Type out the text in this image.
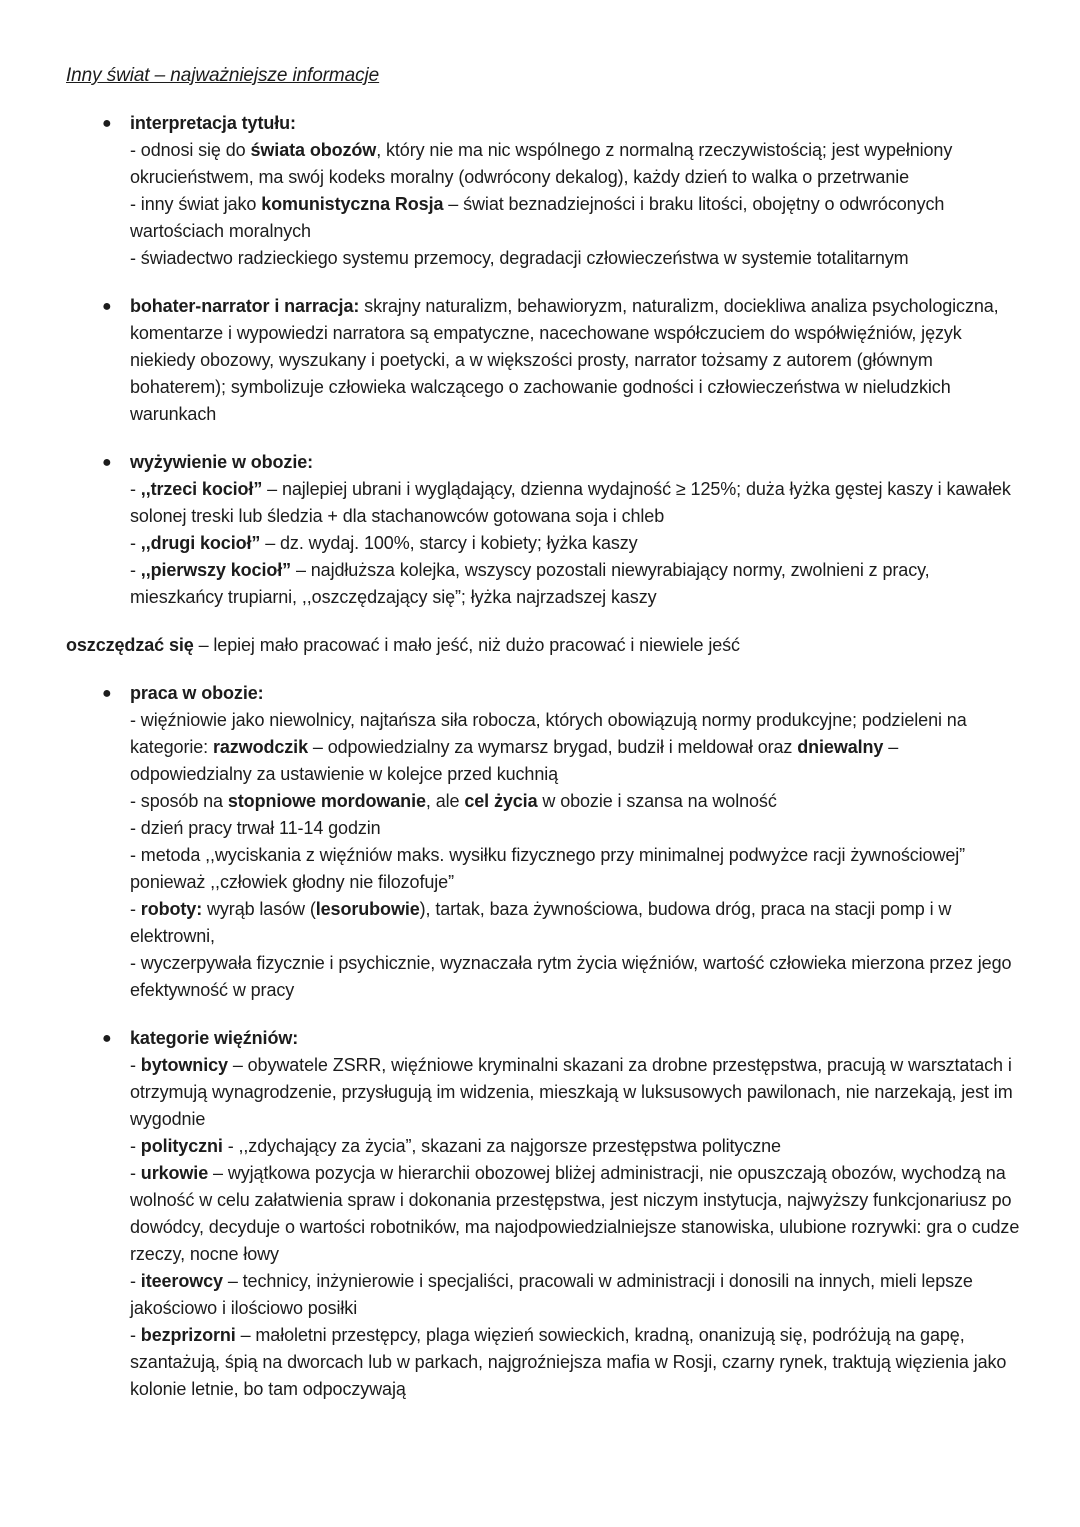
Inny świat – najważniejsze informacje
●	interpretacja tytułu:

- odnosi się do świata obozów, który nie ma nic wspólnego z normalną rzeczywistością; jest wypełniony okrucieństwem, ma swój kodeks moralny (odwrócony dekalog), każdy dzień to walka o przetrwanie

- inny świat jako komunistyczna Rosja – świat beznadziejności i braku litości, obojętny o odwróconych wartościach moralnych

- świadectwo radzieckiego systemu przemocy, degradacji człowieczeństwa w systemie totalitarnym

●	bohater-narrator i narracja: skrajny naturalizm, behawioryzm, naturalizm, dociekliwa analiza psychologiczna, komentarze i wypowiedzi narratora są empatyczne, nacechowane współczuciem do współwięźniów, język niekiedy obozowy, wyszukany i poetycki, a w większości prosty, narrator tożsamy z autorem (głównym bohaterem); symbolizuje człowieka walczącego o zachowanie godności i człowieczeństwa w nieludzkich warunkach

●	wyżywienie w obozie:

- ,,trzeci kocioł” – najlepiej ubrani i wyglądający, dzienna wydajność ≥ 125%; duża łyżka gęstej kaszy i kawałek solonej treski lub śledzia + dla stachanowców gotowana soja i chleb

- ,,drugi kocioł” – dz. wydaj. 100%, starcy i kobiety; łyżka kaszy

- ,,pierwszy kocioł” – najdłuższa kolejka, wszyscy pozostali niewyrabiający normy, zwolnieni z pracy, mieszkańcy trupiarni, ,,oszczędzający się”; łyżka najrzadszej kaszy

oszczędzać się – lepiej mało pracować i mało jeść, niż dużo pracować i niewiele jeść

●	praca w obozie:

- więźniowie jako niewolnicy, najtańsza siła robocza, których obowiązują normy produkcyjne; podzieleni na kategorie: razwodczik – odpowiedzialny za wymarsz brygad, budził i meldował oraz dniewalny – odpowiedzialny za ustawienie w kolejce przed kuchnią

- sposób na stopniowe mordowanie, ale cel życia w obozie i szansa na wolność

- dzień pracy trwał 11-14 godzin

- metoda ,,wyciskania z więźniów maks. wysiłku fizycznego przy minimalnej podwyżce racji żywnościowej” ponieważ ,,człowiek głodny nie filozofuje”

- roboty: wyrąb lasów (lesorubowie), tartak, baza żywnościowa, budowa dróg, praca na stacji pomp i w elektrowni,

- wyczerpywała fizycznie i psychicznie, wyznaczała rytm życia więźniów, wartość człowieka mierzona przez jego efektywność w pracy

●	kategorie więźniów:

- bytownicy – obywatele ZSRR, więźniowe kryminalni skazani za drobne przestępstwa, pracują w warsztatach i otrzymują wynagrodzenie, przysługują im widzenia, mieszkają w luksusowych pawilonach, nie narzekają, jest im wygodnie

- polityczni - ,,zdychający za życia”, skazani za najgorsze przestępstwa polityczne

- urkowie – wyjątkowa pozycja w hierarchii obozowej bliżej administracji, nie opuszczają obozów, wychodzą na wolność w celu załatwienia spraw i dokonania przestępstwa, jest niczym instytucja, najwyższy funkcjonariusz po dowódcy, decyduje o wartości robotników, ma najodpowiedzialniejsze stanowiska, ulubione rozrywki: gra o cudze rzeczy, nocne łowy

- iteerowcy – technicy, inżynierowie i specjaliści, pracowali w administracji i donosili na innych, mieli lepsze jakościowo i ilościowo posiłki

- bezprizorni – małoletni przestępcy, plaga więzień sowieckich, kradną, onanizują się, podróżują na gapę, szantażują, śpią na dworcach lub w parkach, najgroźniejsza mafia w Rosji, czarny rynek, traktują więzienia jako kolonie letnie, bo tam odpoczywają
